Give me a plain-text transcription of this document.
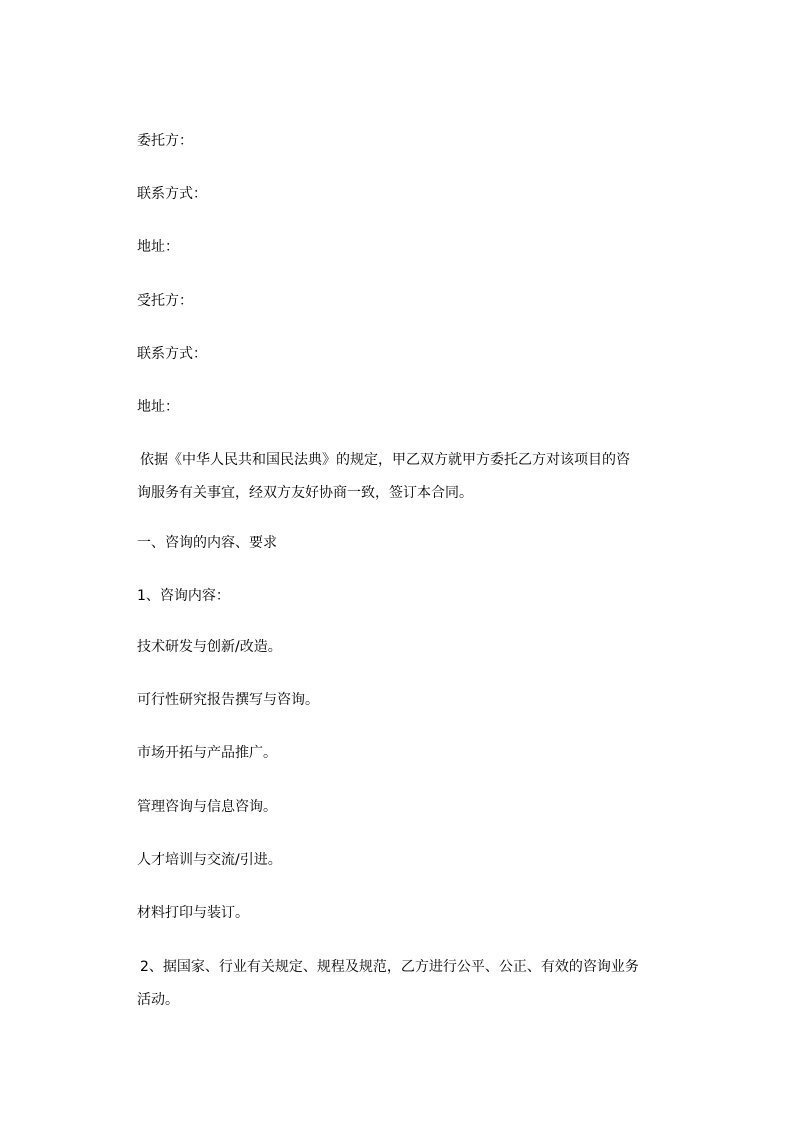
委托方：
联系方式：
地址：
受托方：
联系方式：
地址：
依据《中华人民共和国民法典》的规定，甲乙双方就甲方委托乙方对该项目的咨
询服务有关事宜，经双方友好协商一致，签订本合同。
一、咨询的内容、要求
1、咨询内容：
技术研发与创新/改造。
可行性研究报告撰写与咨询。
市场开拓与产品推广。
管理咨询与信息咨询。
人才培训与交流/引进。
材料打印与装订。
2、据国家、行业有关规定、规程及规范，乙方进行公平、公正、有效的咨询业务
活动。
